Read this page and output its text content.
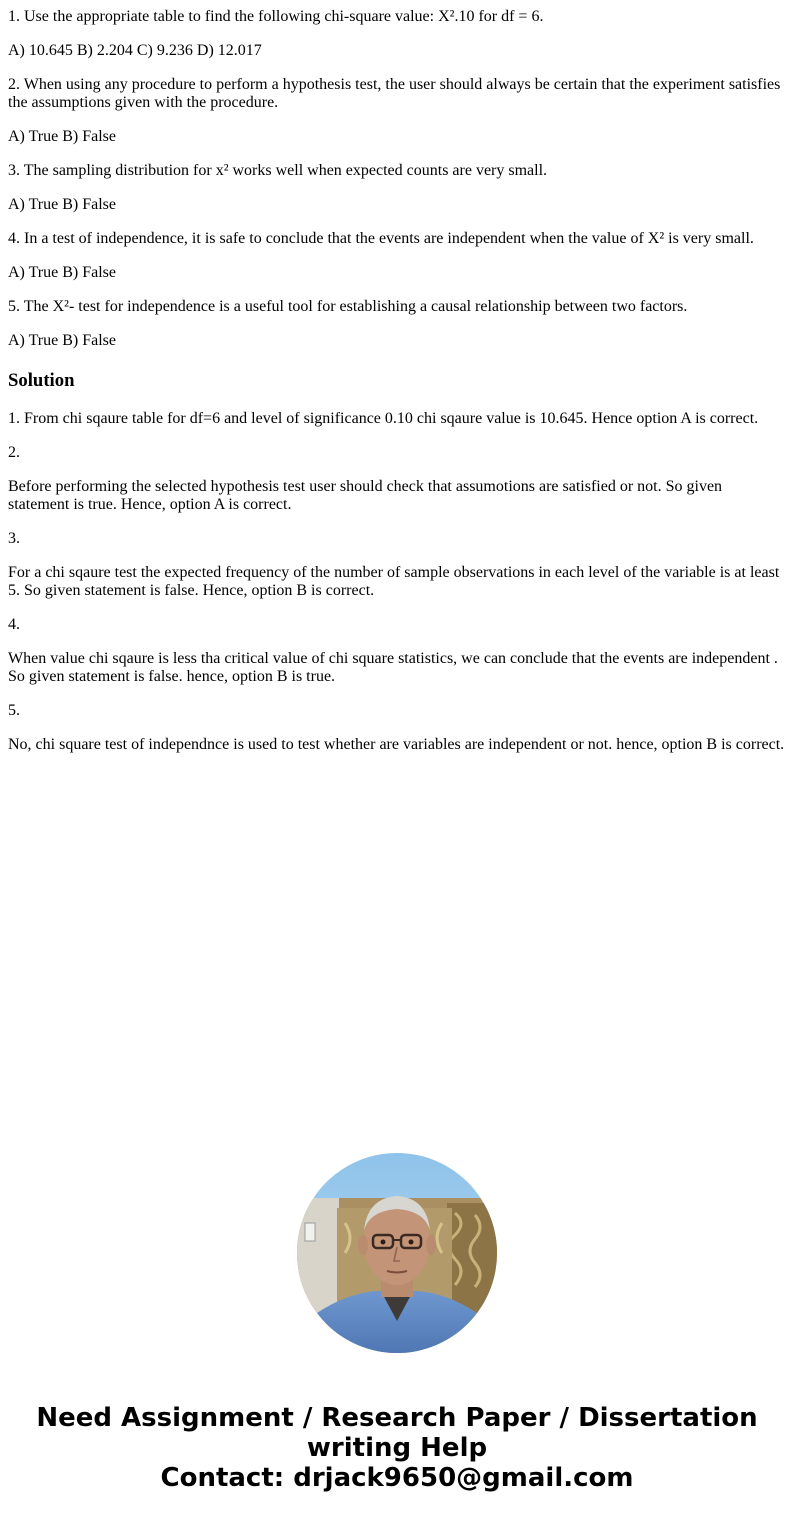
1. Use the appropriate table to find the following chi-square value: X².10 for df = 6.

A) 10.645 B) 2.204 C) 9.236 D) 12.017

2. When using any procedure to perform a hypothesis test, the user should always be certain that the experiment satisfies the assumptions given with the procedure.

A) True B) False

3. The sampling distribution for x² works well when expected counts are very small.

A) True B) False

4. In a test of independence, it is safe to conclude that the events are independent when the value of X² is very small.

A) True B) False

5. The X²- test for independence is a useful tool for establishing a causal relationship between two factors.

A) True B) False

Solution

1. From chi sqaure table for df=6 and level of significance 0.10 chi sqaure value is 10.645. Hence option A is correct.

2.

Before performing the selected hypothesis test user should check that assumotions are satisfied or not. So given statement is true. Hence, option A is correct.

3.

For a chi sqaure test the expected frequency of the number of sample observations in each level of the variable is at least 5. So given statement is false. Hence, option B is correct.

4.

When value chi sqaure is less tha critical value of chi square statistics, we can conclude that the events are independent . So given statement is false. hence, option B is true.

5.

No, chi square test of independnce is used to test whether are variables are independent or not. hence, option B is correct.

Need Assignment / Research Paper / Dissertation
writing Help
Contact: drjack9650@gmail.com
